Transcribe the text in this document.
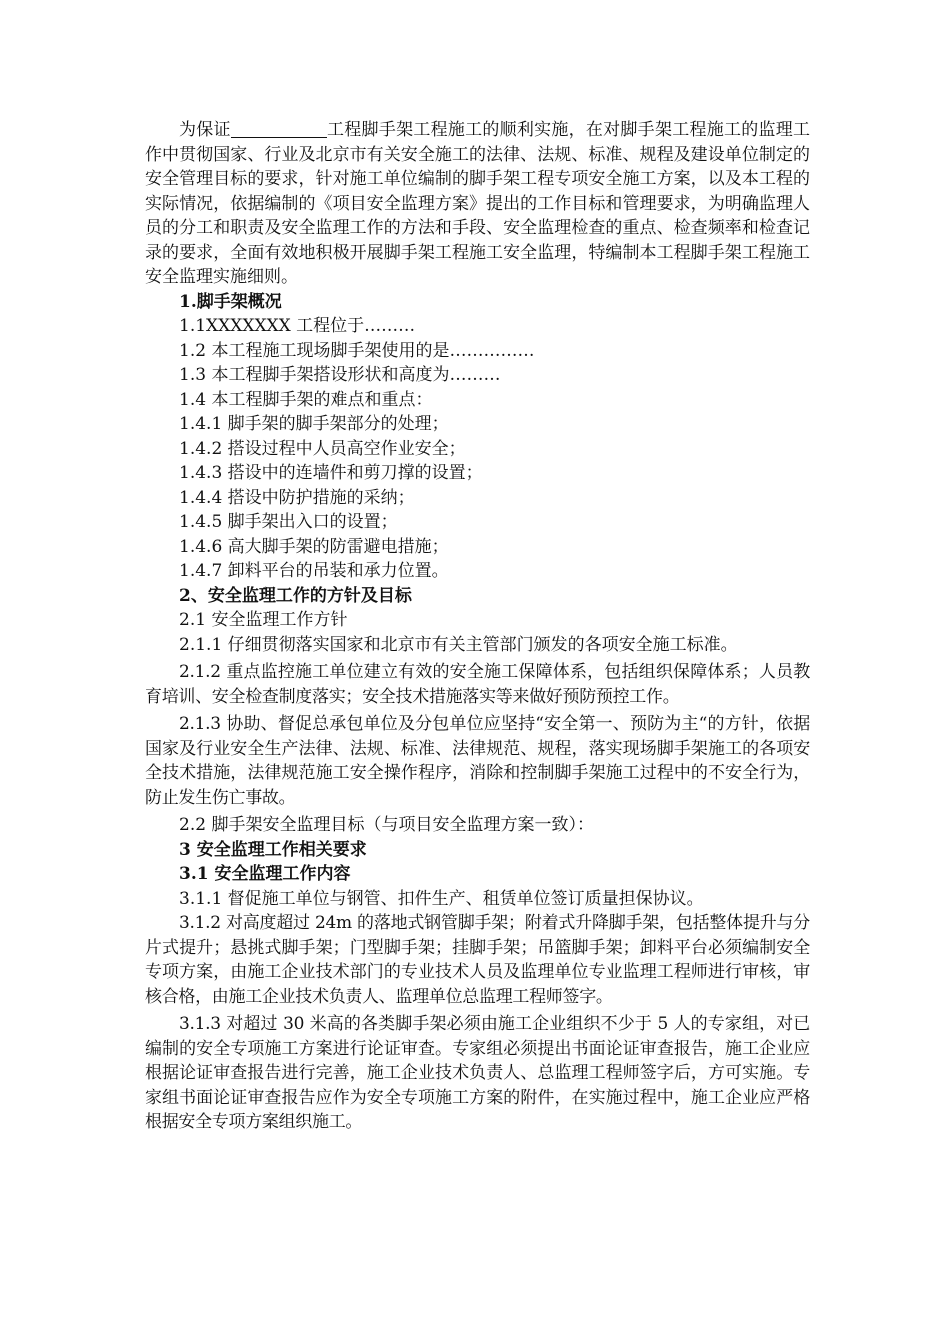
为保证	工程脚手架工程施工的顺利实施，在对脚手架工程施工的监理工作中贯彻国家、行业及北京市有关安全施工的法律、法规、标准、规程及建设单位制定的安全管理目标的要求，针对施工单位编制的脚手架工程专项安全施工方案，以及本工程的实际情况，依据编制的《项目安全监理方案》提出的工作目标和管理要求，为明确监理人员的分工和职责及安全监理工作的方法和手段、安全监理检查的重点、检查频率和检查记录的要求，全面有效地积极开展脚手架工程施工安全监理，特编制本工程脚手架工程施工安全监理实施细则。

1.脚手架概况

1.1XXXXXXX 工程位于………

1.2 本工程施工现场脚手架使用的是……………

1.3 本工程脚手架搭设形状和高度为………

1.4 本工程脚手架的难点和重点：

1.4.1 脚手架的脚手架部分的处理；

1.4.2 搭设过程中人员高空作业安全；

1.4.3 搭设中的连墙件和剪刀撑的设置；

1.4.4 搭设中防护措施的采纳；

1.4.5 脚手架出入口的设置；

1.4.6 高大脚手架的防雷避电措施；

1.4.7 卸料平台的吊装和承力位置。

2、安全监理工作的方针及目标

2.1 安全监理工作方针

2.1.1 仔细贯彻落实国家和北京市有关主管部门颁发的各项安全施工标准。

2.1.2 重点监控施工单位建立有效的安全施工保障体系，包括组织保障体系；人员教育培训、安全检查制度落实；安全技术措施落实等来做好预防预控工作。

2.1.3 协助、督促总承包单位及分包单位应坚持“安全第一、预防为主“的方针，依据国家及行业安全生产法律、法规、标准、法律规范、规程，落实现场脚手架施工的各项安全技术措施，法律规范施工安全操作程序，消除和控制脚手架施工过程中的不安全行为，防止发生伤亡事故。

2.2 脚手架安全监理目标（与项目安全监理方案一致）：

3 安全监理工作相关要求

3.1 安全监理工作内容

3.1.1 督促施工单位与钢管、扣件生产、租赁单位签订质量担保协议。

3.1.2 对高度超过 24m 的落地式钢管脚手架；附着式升降脚手架，包括整体提升与分片式提升；悬挑式脚手架；门型脚手架；挂脚手架；吊篮脚手架；卸料平台必须编制安全专项方案，由施工企业技术部门的专业技术人员及监理单位专业监理工程师进行审核，审核合格，由施工企业技术负责人、监理单位总监理工程师签字。

3.1.3 对超过 30 米高的各类脚手架必须由施工企业组织不少于 5 人的专家组，对已编制的安全专项施工方案进行论证审查。专家组必须提出书面论证审查报告，施工企业应根据论证审查报告进行完善，施工企业技术负责人、总监理工程师签字后，方可实施。专家组书面论证审查报告应作为安全专项施工方案的附件，在实施过程中，施工企业应严格根据安全专项方案组织施工。
